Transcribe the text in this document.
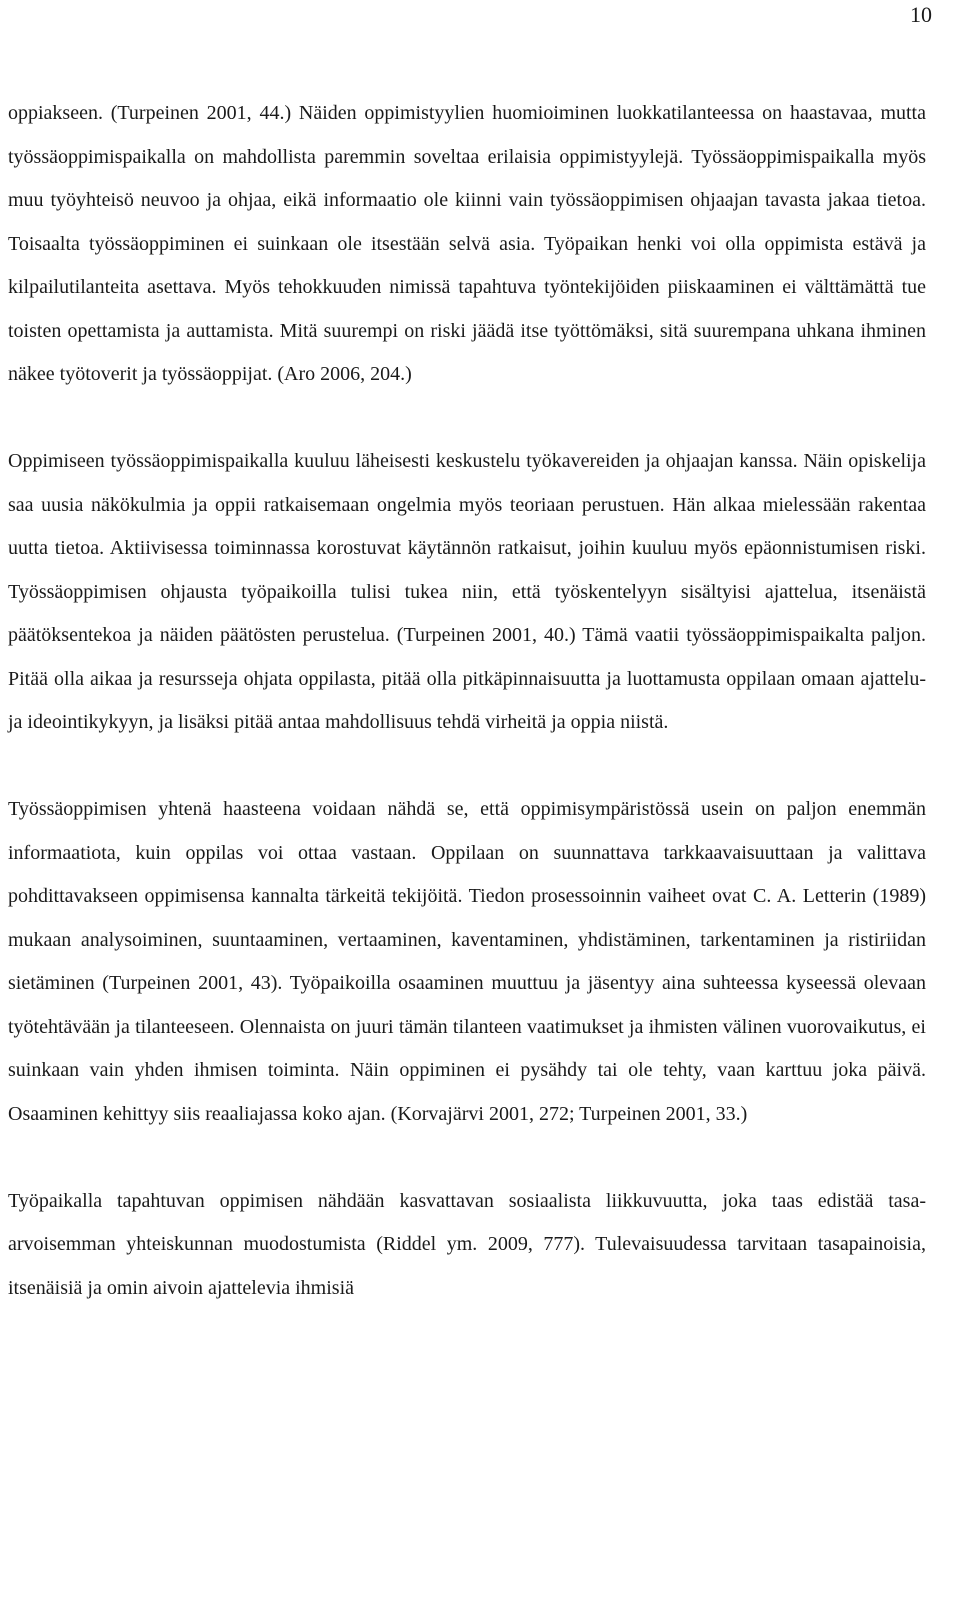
10

oppiakseen. (Turpeinen 2001, 44.) Näiden oppimistyylien huomioiminen luokkatilanteessa on haastavaa, mutta työssäoppimispaikalla on mahdollista paremmin soveltaa erilaisia oppimistyylejä. Työssäoppimispaikalla myös muu työyhteisö neuvoo ja ohjaa, eikä informaatio ole kiinni vain työssäoppimisen ohjaajan tavasta jakaa tietoa. Toisaalta työssäoppiminen ei suinkaan ole itsestään selvä asia. Työpaikan henki voi olla oppimista estävä ja kilpailutilanteita asettava. Myös tehokkuuden nimissä tapahtuva työntekijöiden piiskaaminen ei välttämättä tue toisten opettamista ja auttamista. Mitä suurempi on riski jäädä itse työttömäksi, sitä suurempana uhkana ihminen näkee työtoverit ja työssäoppijat. (Aro 2006, 204.)

Oppimiseen työssäoppimispaikalla kuuluu läheisesti keskustelu työkavereiden ja ohjaajan kanssa. Näin opiskelija saa uusia näkökulmia ja oppii ratkaisemaan ongelmia myös teoriaan perustuen. Hän alkaa mielessään rakentaa uutta tietoa. Aktiivisessa toiminnassa korostuvat käytännön ratkaisut, joihin kuuluu myös epäonnistumisen riski. Työssäoppimisen ohjausta työpaikoilla tulisi tukea niin, että työskentelyyn sisältyisi ajattelua, itsenäistä päätöksentekoa ja näiden päätösten perustelua. (Turpeinen 2001, 40.) Tämä vaatii työssäoppimispaikalta paljon. Pitää olla aikaa ja resursseja ohjata oppilasta, pitää olla pitkäpinnaisuutta ja luottamusta oppilaan omaan ajattelu- ja ideointikykyyn, ja lisäksi pitää antaa mahdollisuus tehdä virheitä ja oppia niistä.

Työssäoppimisen yhtenä haasteena voidaan nähdä se, että oppimisympäristössä usein on paljon enemmän informaatiota, kuin oppilas voi ottaa vastaan. Oppilaan on suunnattava tarkkaavaisuuttaan ja valittava pohdittavakseen oppimisensa kannalta tärkeitä tekijöitä. Tiedon prosessoinnin vaiheet ovat C. A. Letterin (1989) mukaan analysoiminen, suuntaaminen, vertaaminen, kaventaminen, yhdistäminen, tarkentaminen ja ristiriidan sietäminen (Turpeinen 2001, 43). Työpaikoilla osaaminen muuttuu ja jäsentyy aina suhteessa kyseessä olevaan työtehtävään ja tilanteeseen. Olennaista on juuri tämän tilanteen vaatimukset ja ihmisten välinen vuorovaikutus, ei suinkaan vain yhden ihmisen toiminta. Näin oppiminen ei pysähdy tai ole tehty, vaan karttuu joka päivä. Osaaminen kehittyy siis reaaliajassa koko ajan. (Korvajärvi 2001, 272; Turpeinen 2001, 33.)

Työpaikalla tapahtuvan oppimisen nähdään kasvattavan sosiaalista liikkuvuutta, joka taas edistää tasa-arvoisemman yhteiskunnan muodostumista (Riddel ym. 2009, 777). Tulevaisuudessa tarvitaan tasapainoisia, itsenäisiä ja omin aivoin ajattelevia ihmisiä
